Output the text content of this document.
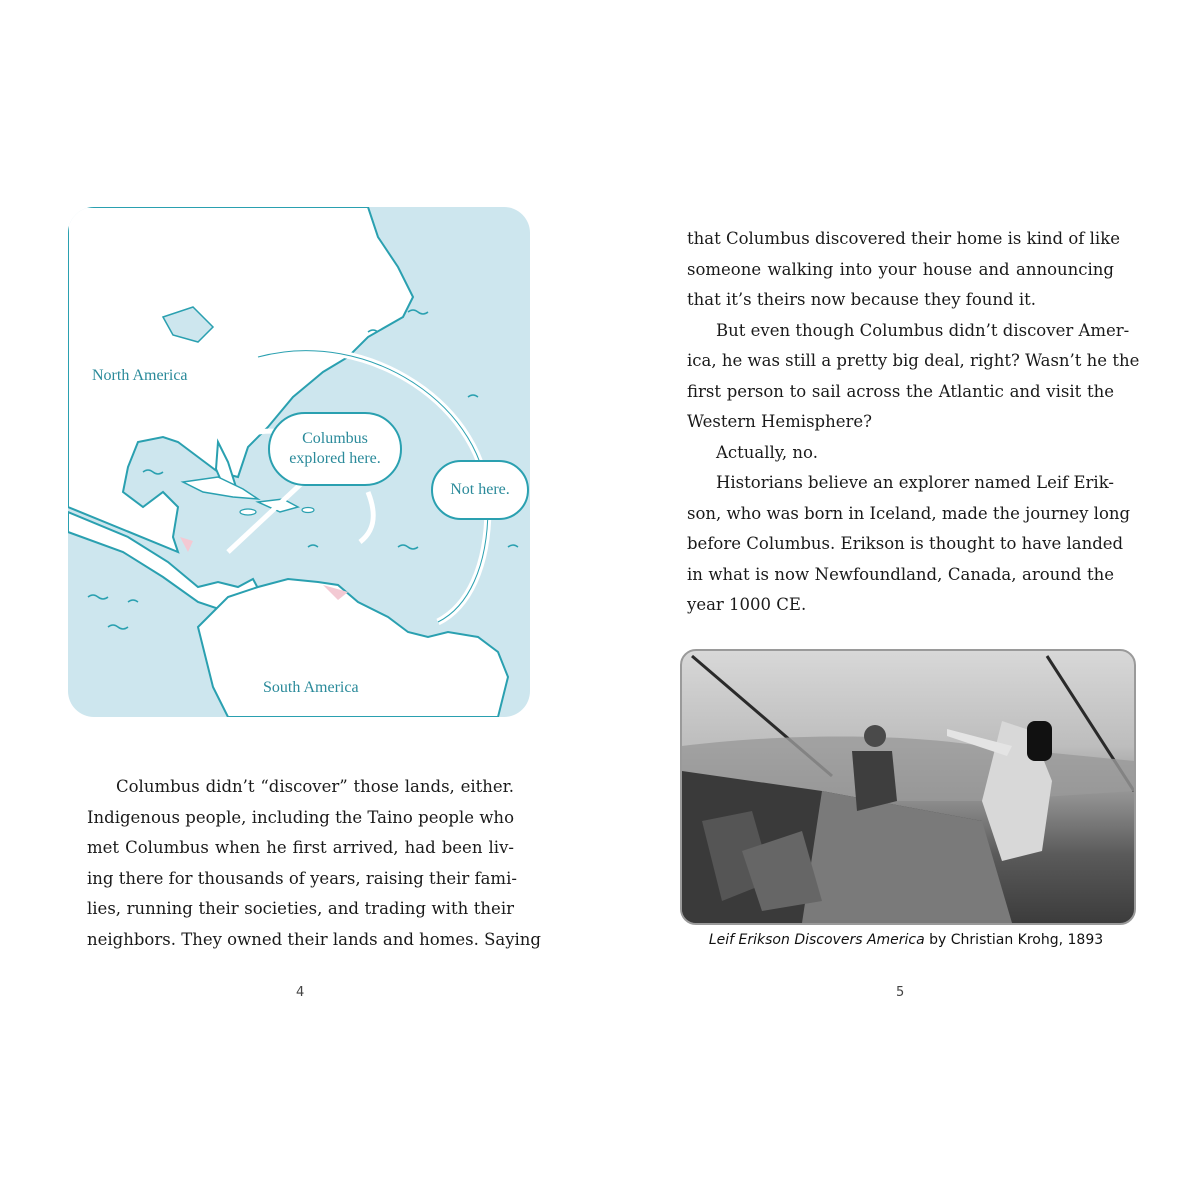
North America
South America
Columbus
explored here.
Not here.
Columbus didn’t “discover” those lands, either.
Indigenous people, including the Taino people who
met Columbus when he first arrived, had been liv-
ing there for thousands of years, raising their fami-
lies, running their societies, and trading with their
neighbors. They owned their lands and homes. Saying
4
that Columbus discovered their home is kind of like
someone walking into your house and announcing
that it’s theirs now because they found it.
But even though Columbus didn’t discover Amer-
ica, he was still a pretty big deal, right? Wasn’t he the
first person to sail across the Atlantic and visit the
Western Hemisphere?
Actually, no.
Historians believe an explorer named Leif Erik-
son, who was born in Iceland, made the journey long
before Columbus. Erikson is thought to have landed
in what is now Newfoundland, Canada, around the
year 1000 CE.
Leif Erikson Discovers America by Christian Krohg, 1893
5
